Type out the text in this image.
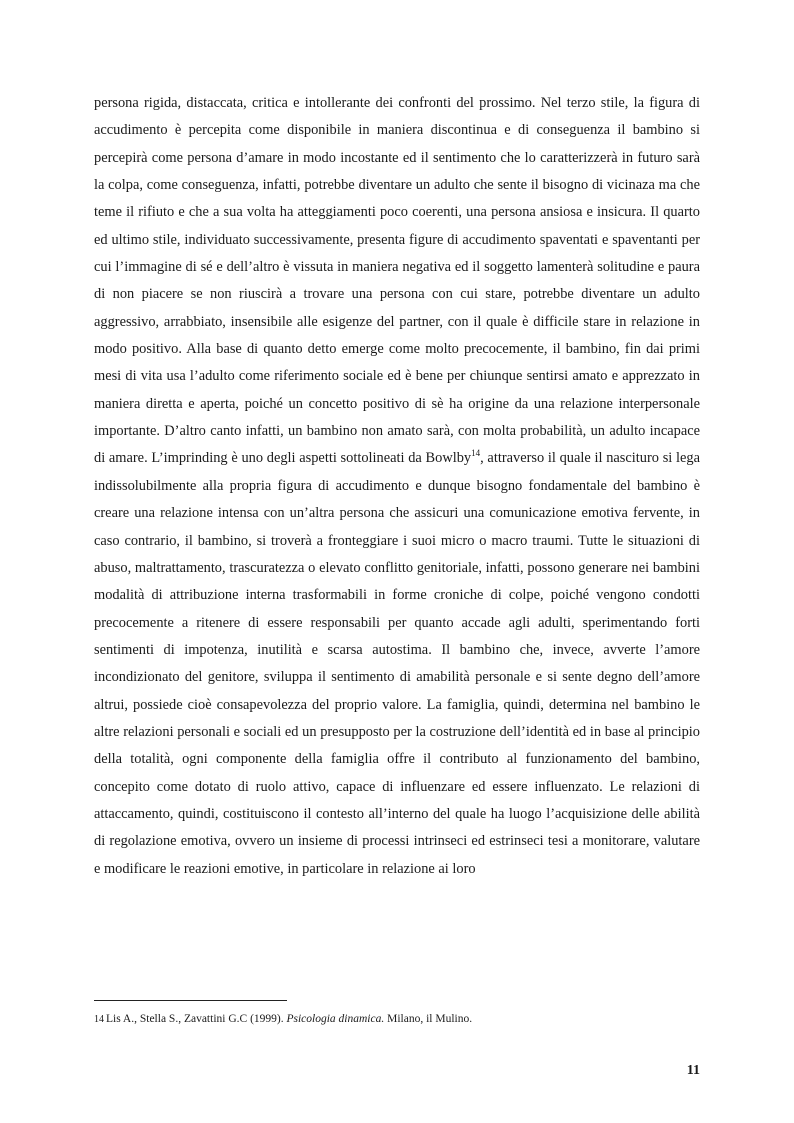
persona rigida, distaccata, critica e intollerante dei confronti del prossimo. Nel terzo stile, la figura di accudimento è percepita come disponibile in maniera discontinua e di conseguenza il bambino si percepirà come persona d’amare in modo incostante ed il sentimento che lo caratterizzerà in futuro sarà la colpa, come conseguenza, infatti, potrebbe diventare un adulto che sente il bisogno di vicinaza ma che teme il rifiuto e che a sua volta ha atteggiamenti poco coerenti, una persona ansiosa e insicura. Il quarto ed ultimo stile, individuato successivamente, presenta figure di accudimento spaventati e spaventanti per cui l’immagine di sé e dell’altro è vissuta in maniera negativa ed il soggetto lamenterà solitudine e paura di non piacere se non riuscirà a trovare una persona con cui stare, potrebbe diventare un adulto aggressivo, arrabbiato, insensibile alle esigenze del partner, con il quale è difficile stare in relazione in modo positivo. Alla base di quanto detto emerge come molto precocemente, il bambino, fin dai primi mesi di vita usa l’adulto come riferimento sociale ed è bene per chiunque sentirsi amato e apprezzato in maniera diretta e aperta, poiché un concetto positivo di sè ha origine da una relazione interpersonale importante. D’altro canto infatti, un bambino non amato sarà, con molta probabilità, un adulto incapace di amare. L’imprinding è uno degli aspetti sottolineati da Bowlby$^{14}$, attraverso il quale il nascituro si lega indissolubilmente alla propria figura di accudimento e dunque bisogno fondamentale del bambino è creare una relazione intensa con un’altra persona che assicuri una comunicazione emotiva fervente, in caso contrario, il bambino, si troverà a fronteggiare i suoi micro o macro traumi. Tutte le situazioni di abuso, maltrattamento, trascuratezza o elevato conflitto genitoriale, infatti, possono generare nei bambini modalità di attribuzione interna trasformabili in forme croniche di colpe, poiché vengono condotti precocemente a ritenere di essere responsabili per quanto accade agli adulti, sperimentando forti sentimenti di impotenza, inutilità e scarsa autostima. Il bambino che, invece, avverte l’amore incondizionato del genitore, sviluppa il sentimento di amabilità personale e si sente degno dell’amore altrui, possiede cioè consapevolezza del proprio valore. La famiglia, quindi, determina nel bambino le altre relazioni personali e sociali ed un presupposto per la costruzione dell’identità ed in base al principio della totalità, ogni componente della famiglia offre il contributo al funzionamento del bambino, concepito come dotato di ruolo attivo, capace di influenzare ed essere influenzato. Le relazioni di attaccamento, quindi, costituiscono il contesto all’interno del quale ha luogo l’acquisizione delle abilità di regolazione emotiva, ovvero un insieme di processi intrinseci ed estrinseci tesi a monitorare, valutare e modificare le reazioni emotive, in particolare in relazione ai loro

14 Lis A., Stella S., Zavattini G.C (1999). Psicologia dinamica. Milano, il Mulino.

11
